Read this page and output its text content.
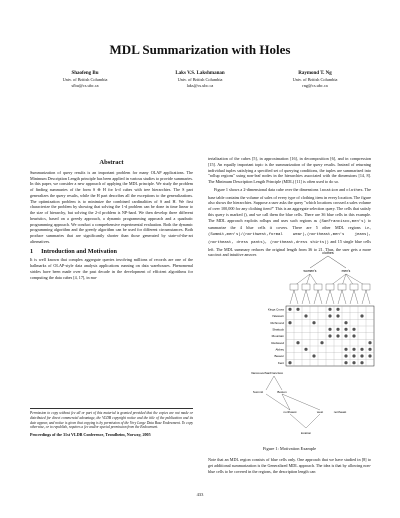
MDL Summarization with Holes
Shaofeng Bu
Univ. of British Columbia
sfbu@cs.ubc.ca
Laks V.S. Lakshmanan
Univ. of British Columbia
laks@cs.ubc.ca
Raymond T. Ng
Univ. of British Columbia
rng@cs.ubc.ca
Abstract

Summarization of query results is an important problem for many OLAP applications. The Minimum Description Length principle has been applied in various studies to provide summaries. In this paper, we consider a new approach of applying the MDL principle. We study the problem of finding summaries of the form S ⊖ H for k-d cubes with tree hierarchies. The S part generalizes the query results, while the H part describes all the exceptions to the generalizations. The optimization problem is to minimize the combined cardinalities of S and H. We first characterize the problem by showing that solving the 1-d problem can be done in time linear to the size of hierarchy, but solving the 2-d problem is NP-hard. We then develop three different heuristics, based on a greedy approach, a dynamic programming approach and a quadratic programming approach. We conduct a comprehensive experimental evaluation. Both the dynamic programming algorithm and the greedy algorithm can be used for different circumstances. Both produce summaries that are significantly shorter than those generated by state-of-the-art alternatives.

1 Introduction and Motivation

It is well known that complex aggregate queries involving millions of records are one of the hallmarks of OLAP-style data analysis applications running on data warehouses. Phenomenal strides have been made over the past decade in the development of efficient algorithms for computing the data cubes [4, 17], in ma-

Permission to copy without fee all or part of this material is granted provided that the copies are not made or distributed for direct commercial advantage, the VLDB copyright notice and the title of the publication and its date appear, and notice is given that copying is by permission of the Very Large Data Base Endowment. To copy otherwise, or to republish, requires a fee and/or special permission from the Endowment.
Proceedings of the 31st VLDB Conference, Trondheim, Norway, 2005

terialization of the cubes [5], in approximation [16], in decomposition [6], and in compression [15]. An equally important topic is the summarization of the query results. Instead of returning individual tuples satisfying a specified set of querying conditions, the tuples are summarized into "rollup regions" using non-leaf nodes in the hierarchies associated with the dimensions [14, 8]. The Minimum Description Length Principle (MDL) [11] is often used to do so.

Figure 1 shows a 2-dimensional data cube over the dimensions location and clothes. The base table contains the volume of sales of every type of clothing item in every location. The figure also shows the hierarchies. Suppose a user asks the query "which locations crossed a sales volume of over 100,000 for any clothing item?" This is an aggregate selection query. The cells that satisfy this query is marked (), and we call them the blue cells. There are 36 blue cells in this example. The MDL approach exploits rollups and uses such regions as (SanFrancisco,men's) to summarize the 4 blue cells it covers. There are 5 other MDL regions i.e., (Summit,men's)/(northwest,formal wear),(northeast,men's jeans),(northeast, dress pants), (northeast,dress shirts)) and 15 single blue cells left. The MDL summary reduces the original length from 36 to 21. Thus, the user gets a more succinct and intuitive answer.	clothes
women's	men's
Kings Cross
Yaletown
Richmond
Shattuck
Mountain
Redwood
Abbey
Beaver
Kent
Vancouver SanFrancisco
Summit	Boston
northwest	west	northeast
location
Figure 1: Motivation Example
Note that an MDL region consists of blue cells only. One approach that we have studied in [8] to get additional summarization is the Generalized MDL approach. The idea is that by allowing non-blue cells to be covered in the regions, the description length can
433
